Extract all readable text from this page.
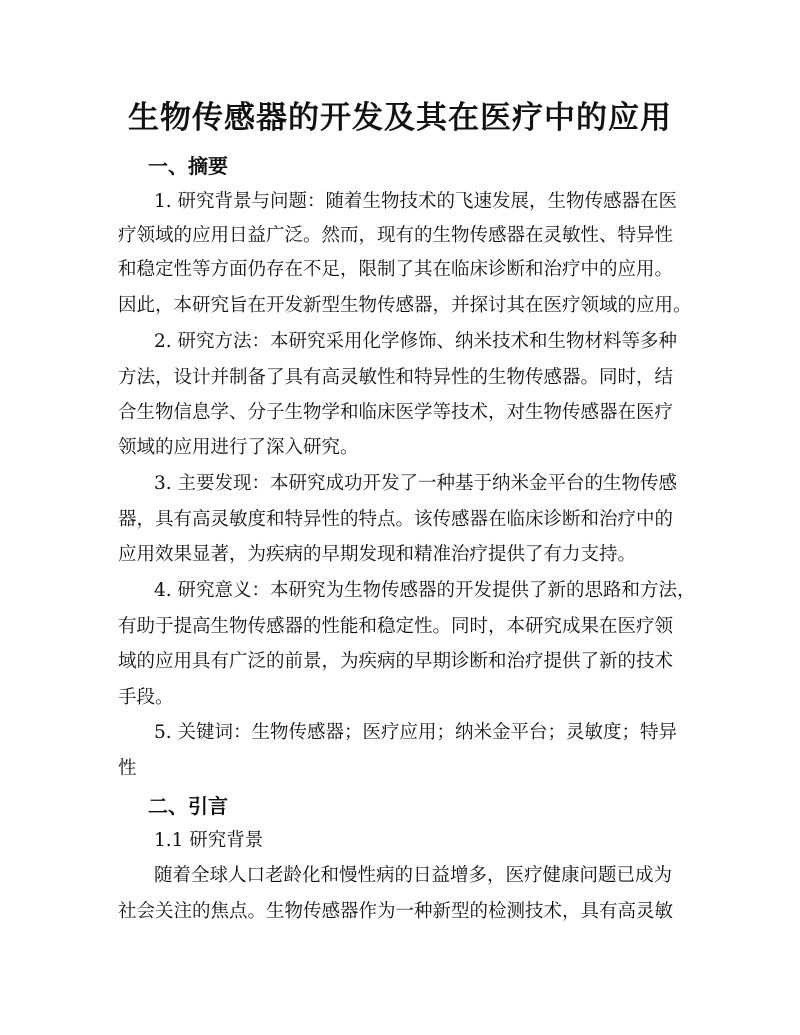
生物传感器的开发及其在医疗中的应用
一、摘要
1. 研究背景与问题：随着生物技术的飞速发展，生物传感器在医
疗领域的应用日益广泛。然而，现有的生物传感器在灵敏性、特异性
和稳定性等方面仍存在不足，限制了其在临床诊断和治疗中的应用。
因此，本研究旨在开发新型生物传感器，并探讨其在医疗领域的应用。
2. 研究方法：本研究采用化学修饰、纳米技术和生物材料等多种
方法，设计并制备了具有高灵敏性和特异性的生物传感器。同时，结
合生物信息学、分子生物学和临床医学等技术，对生物传感器在医疗
领域的应用进行了深入研究。
3. 主要发现：本研究成功开发了一种基于纳米金平台的生物传感
器，具有高灵敏度和特异性的特点。该传感器在临床诊断和治疗中的
应用效果显著，为疾病的早期发现和精准治疗提供了有力支持。
4. 研究意义：本研究为生物传感器的开发提供了新的思路和方法，
有助于提高生物传感器的性能和稳定性。同时，本研究成果在医疗领
域的应用具有广泛的前景，为疾病的早期诊断和治疗提供了新的技术
手段。
5. 关键词：生物传感器；医疗应用；纳米金平台；灵敏度；特异
性
二、引言
1.1 研究背景
随着全球人口老龄化和慢性病的日益增多，医疗健康问题已成为
社会关注的焦点。生物传感器作为一种新型的检测技术，具有高灵敏
